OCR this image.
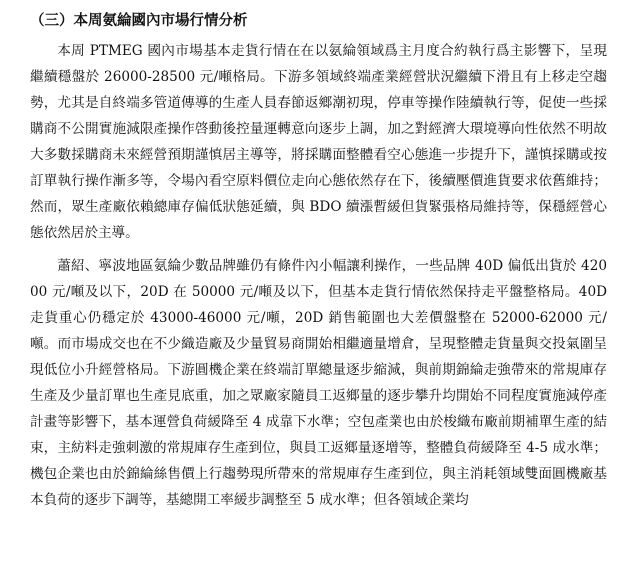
（三）本周氨綸國內市場行情分析

本周 PTMEG 國內市場基本走貨行情在在以氨綸領域爲主月度合約執行爲主影響下，呈現繼續穩盤於 26000-28500 元/噸格局。下游多領域終端產業經營狀況繼續下滑且有上移走空趨勢，尤其是自終端多管道傳導的生產人員春節返鄉潮初現，停車等操作陸續執行等，促使一些採購商不公開實施減限產操作啓動後控量運轉意向逐步上調，加之對經濟大環境導向性依然不明故大多數採購商未來經營預期謹慎居主導等，將採購面整體看空心態進一步提升下，謹慎採購或按訂單執行操作漸多等，令場內看空原料價位走向心態依然存在下，後續壓價進貨要求依舊維持；然而，眾生產廠依賴總庫存偏低狀態延續，與 BDO 續漲暫緩但貨緊張格局維持等，保穩經營心態依然居於主導。

蕭紹、寧波地區氨綸少數品牌雖仍有條件內小幅讓利操作，一些品牌 40D 偏低出貨於 42000 元/噸及以下，20D 在 50000 元/噸及以下，但基本走貨行情依然保持走平盤整格局。40D 走貨重心仍穩定於 43000-46000 元/噸，20D 銷售範圍也大差價盤整在 52000-62000 元/噸。而市場成交也在不少織造廠及少量貿易商開始相繼適量增倉，呈現整體走貨量與交投氣圍呈現低位小升經營格局。下游圓機企業在終端訂單總量逐步縮減，與前期錦綸走強帶來的常規庫存生產及少量訂單也生產見底重，加之眾廠家隨員工返鄉量的逐步攀升均開始不同程度實施減停產計畫等影響下，基本運營負荷緩降至 4 成靠下水準；空包產業也由於梭織布廠前期補單生產的結束，主紡料走強刺激的常規庫存生產到位，與員工返鄉量逐增等，整體負荷緩降至 4-5 成水準；機包企業也由於錦綸絲售價上行趨勢現所帶來的常規庫存生產到位，與主消耗領域雙面圓機廠基本負荷的逐步下調等，基總開工率緩步調整至 5 成水準；但各領域企業均
